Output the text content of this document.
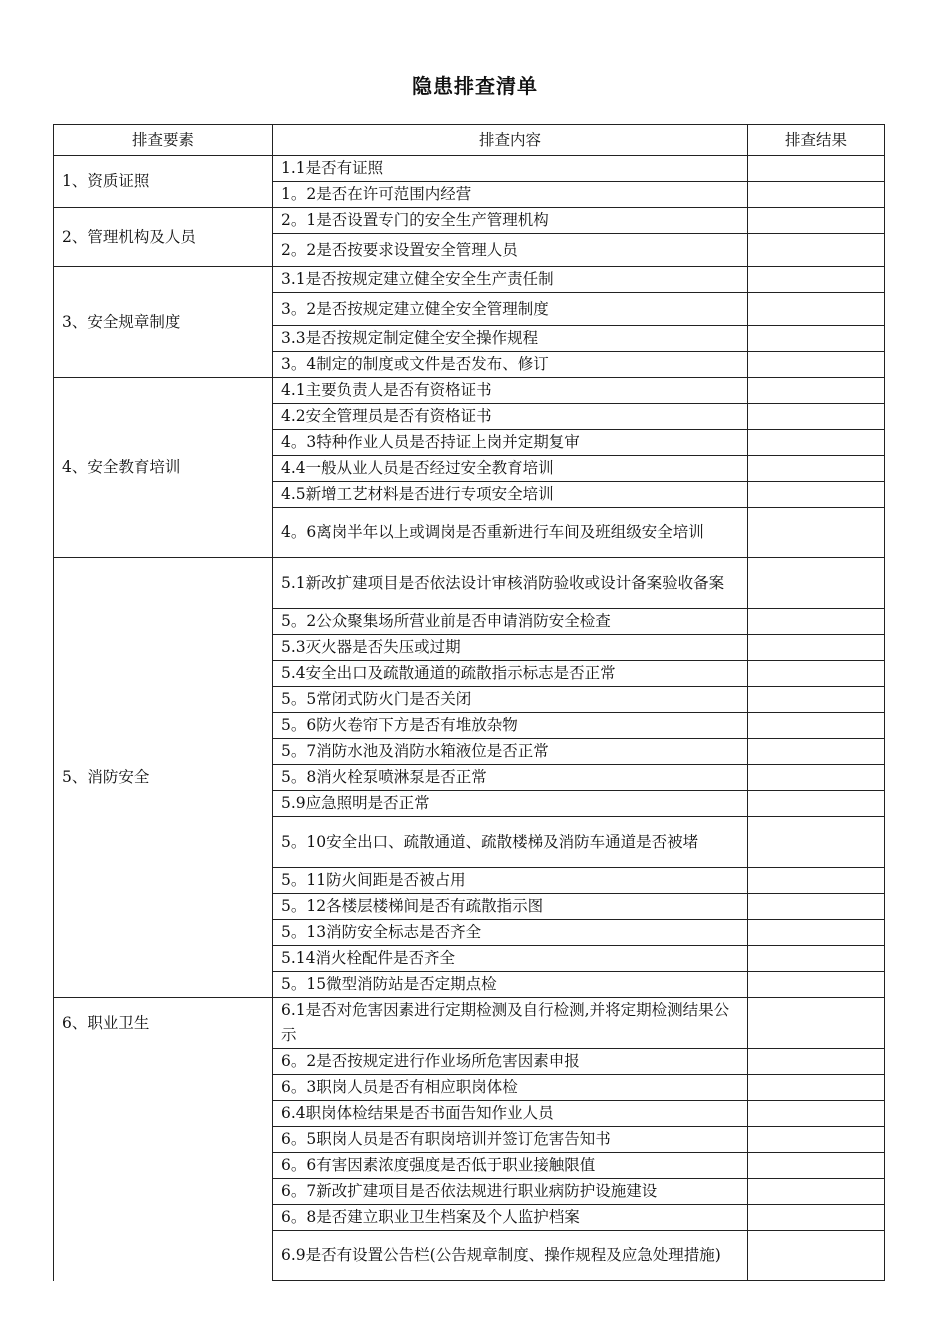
隐患排查清单
排查要素	排查内容	排查结果
1、资质证照	1.1是否有证照	
	1。2是否在许可范围内经营	
2、管理机构及人员	2。1是否设置专门的安全生产管理机构	
	2。2是否按要求设置安全管理人员	
3、安全规章制度	3.1是否按规定建立健全安全生产责任制	
	3。2是否按规定建立健全安全管理制度	
	3.3是否按规定制定健全安全操作规程	
	3。4制定的制度或文件是否发布、修订	
4、安全教育培训	4.1主要负责人是否有资格证书	
	4.2安全管理员是否有资格证书	
	4。3特种作业人员是否持证上岗并定期复审	
	4.4一般从业人员是否经过安全教育培训	
	4.5新增工艺材料是否进行专项安全培训	
	4。6离岗半年以上或调岗是否重新进行车间及班组级安全培训	
5、消防安全	5.1新改扩建项目是否依法设计审核消防验收或设计备案验收备案	
	5。2公众聚集场所营业前是否申请消防安全检查	
	5.3灭火器是否失压或过期	
	5.4安全出口及疏散通道的疏散指示标志是否正常	
	5。5常闭式防火门是否关闭	
	5。6防火卷帘下方是否有堆放杂物	
	5。7消防水池及消防水箱液位是否正常	
	5。8消火栓泵喷淋泵是否正常	
	5.9应急照明是否正常	
	5。10安全出口、疏散通道、疏散楼梯及消防车通道是否被堵	
	5。11防火间距是否被占用	
	5。12各楼层楼梯间是否有疏散指示图	
	5。13消防安全标志是否齐全	
	5.14消火栓配件是否齐全	
	5。15微型消防站是否定期点检	
6、职业卫生	6.1是否对危害因素进行定期检测及自行检测,并将定期检测结果公示	
	6。2是否按规定进行作业场所危害因素申报	
	6。3职岗人员是否有相应职岗体检	
	6.4职岗体检结果是否书面告知作业人员	
	6。5职岗人员是否有职岗培训并签订危害告知书	
	6。6有害因素浓度强度是否低于职业接触限值	
	6。7新改扩建项目是否依法规进行职业病防护设施建设	
	6。8是否建立职业卫生档案及个人监护档案	
	6.9是否有设置公告栏(公告规章制度、操作规程及应急处理措施)	
